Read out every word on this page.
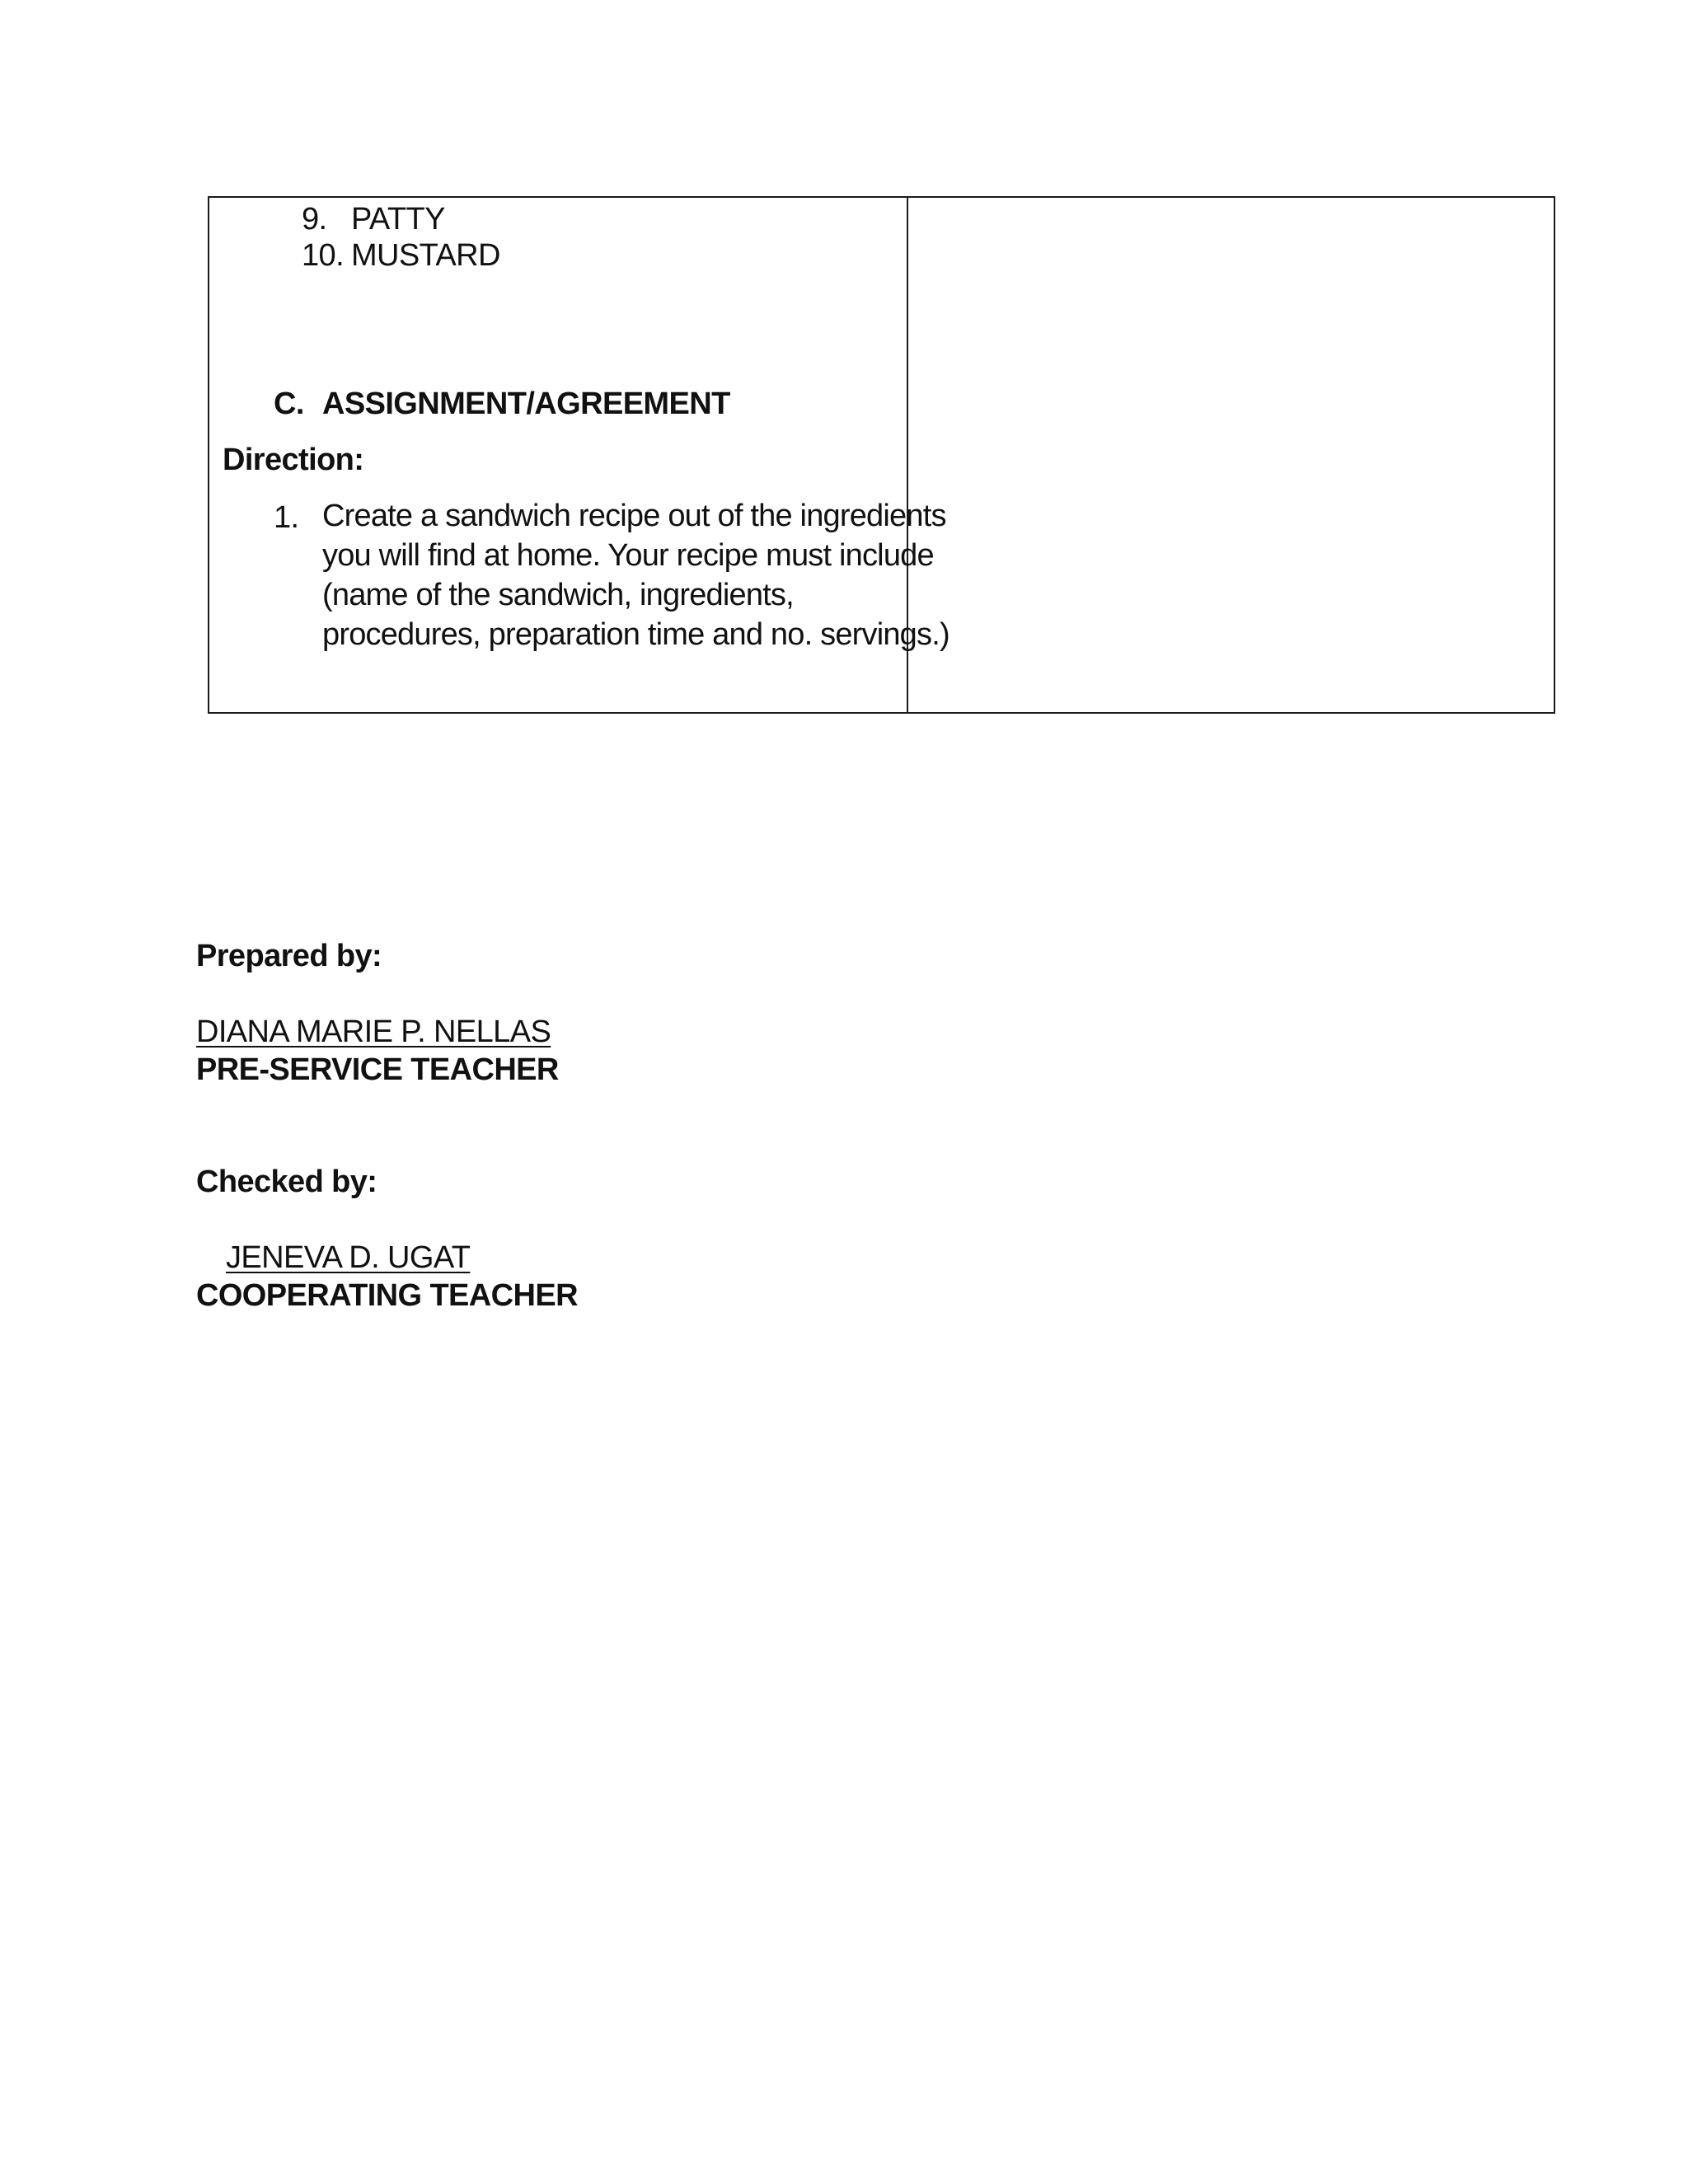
9. PATTY
10. MUSTARD
C. ASSIGNMENT/AGREEMENT
Direction:
1. Create a sandwich recipe out of the ingredients
you will find at home. Your recipe must include
(name of the sandwich, ingredients,
procedures, preparation time and no. servings.)
Prepared by:
DIANA MARIE P. NELLAS
PRE-SERVICE TEACHER
Checked by:
JENEVA D. UGAT
COOPERATING TEACHER
